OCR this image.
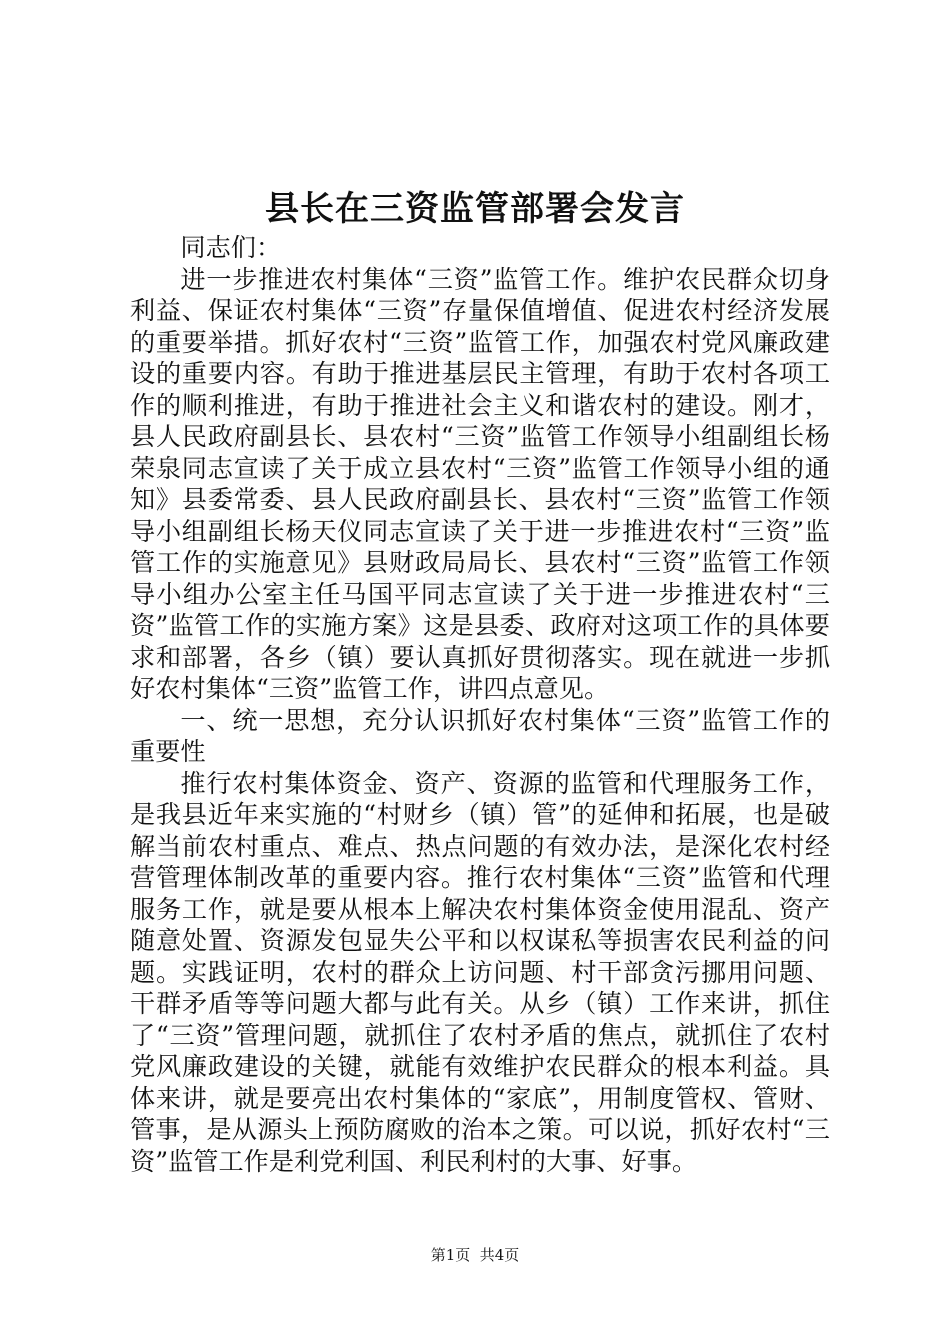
县长在三资监管部署会发言

同志们：

进一步推进农村集体“三资”监管工作。维护农民群众切身利益、保证农村集体“三资”存量保值增值、促进农村经济发展的重要举措。抓好农村“三资”监管工作，加强农村党风廉政建设的重要内容。有助于推进基层民主管理，有助于农村各项工作的顺利推进，有助于推进社会主义和谐农村的建设。刚才，县人民政府副县长、县农村“三资”监管工作领导小组副组长杨荣泉同志宣读了关于成立县农村“三资”监管工作领导小组的通知》县委常委、县人民政府副县长、县农村“三资”监管工作领导小组副组长杨天仪同志宣读了关于进一步推进农村“三资”监管工作的实施意见》县财政局局长、县农村“三资”监管工作领导小组办公室主任马国平同志宣读了关于进一步推进农村“三资”监管工作的实施方案》这是县委、政府对这项工作的具体要求和部署，各乡（镇）要认真抓好贯彻落实。现在就进一步抓好农村集体“三资”监管工作，讲四点意见。

一、统一思想，充分认识抓好农村集体“三资”监管工作的重要性

推行农村集体资金、资产、资源的监管和代理服务工作，是我县近年来实施的“村财乡（镇）管”的延伸和拓展，也是破解当前农村重点、难点、热点问题的有效办法，是深化农村经营管理体制改革的重要内容。推行农村集体“三资”监管和代理服务工作，就是要从根本上解决农村集体资金使用混乱、资产随意处置、资源发包显失公平和以权谋私等损害农民利益的问题。实践证明，农村的群众上访问题、村干部贪污挪用问题、干群矛盾等等问题大都与此有关。从乡（镇）工作来讲，抓住了“三资”管理问题，就抓住了农村矛盾的焦点，就抓住了农村党风廉政建设的关键，就能有效维护农民群众的根本利益。具体来讲，就是要亮出农村集体的“家底”，用制度管权、管财、管事，是从源头上预防腐败的治本之策。可以说，抓好农村“三资”监管工作是利党利国、利民利村的大事、好事。

第1页  共4页
